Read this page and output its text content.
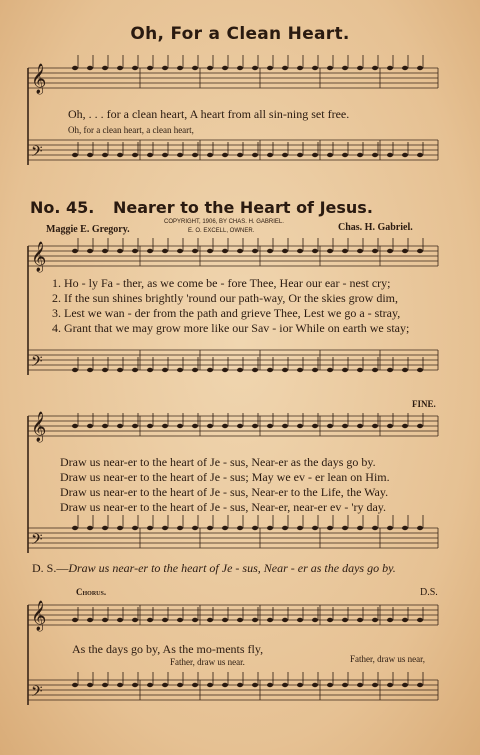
𝄞
𝄢
𝄞
𝄢
𝄞
𝄢
𝄞
𝄢
Oh, For a Clean Heart.
Oh, . . . for a clean heart, A heart from all sin-ning set free.
Oh, for a clean heart, a clean heart,
No. 45. Nearer to the Heart of Jesus.
Maggie E. Gregory.
COPYRIGHT, 1906, BY CHAS. H. GABRIEL.
E. O. EXCELL, OWNER.	Chas. H. Gabriel.
1. Ho - ly Fa - ther, as we come be - fore Thee, Hear our ear - nest cry;
2. If the sun shines brightly 'round our path-way, Or the skies grow dim,
3. Lest we wan - der from the path and grieve Thee, Lest we go a - stray,
4. Grant that we may grow more like our Sav - ior While on earth we stay;
FINE.
Draw us near-er to the heart of Je - sus, Near-er as the days go by.
Draw us near-er to the heart of Je - sus; May we ev - er lean on Him.
Draw us near-er to the heart of Je - sus, Near-er to the Life, the Way.
Draw us near-er to the heart of Je - sus, Near-er, near-er ev - 'ry day.
D. S.—Draw us near-er to the heart of Je - sus, Near - er as the days go by.
Chorus.	D.S.
As the days go by, As the mo-ments fly,
Father, draw us near.	Father, draw us near,
